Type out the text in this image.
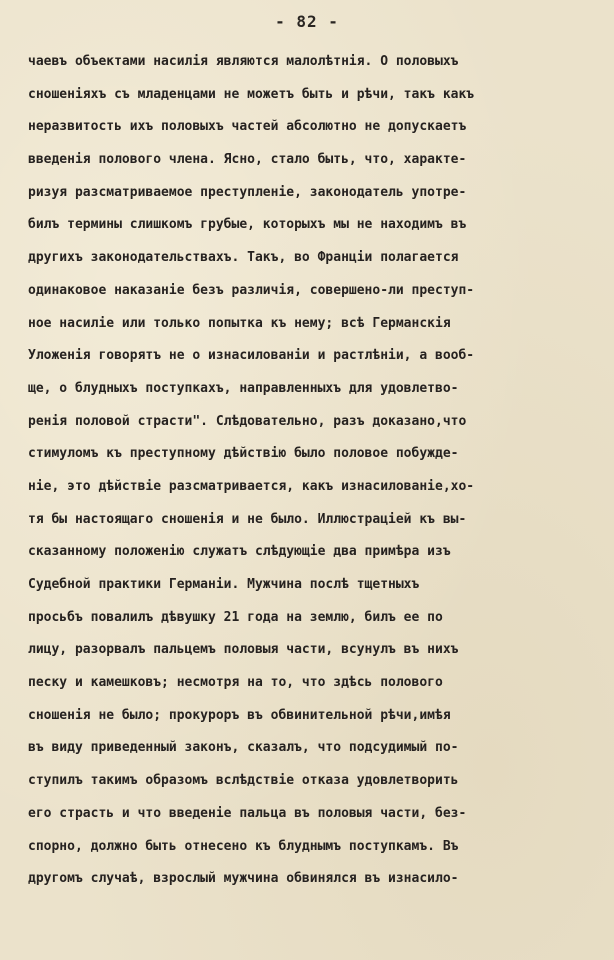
- 82 -
чаевъ объектами насилія являются малолѣтнія. О половыхъ
сношеніяхъ съ младенцами не можетъ быть и рѣчи, такъ какъ
неразвитость ихъ половыхъ частей абсолютно не допускаетъ
введенія полового члена. Ясно, стало быть, что, характе-
ризуя разсматриваемое преступленіе, законодатель употре-
билъ термины слишкомъ грубые, которыхъ мы не находимъ въ
другихъ законодательствахъ. Такъ, во Франціи полагается
одинаковое наказаніе безъ различія, совершено-ли преступ-
ное насиліе или только попытка къ нему; всѣ Германскія
Уложенія говорятъ не о изнасилованіи и растлѣніи, а вооб-
ще, о блудныхъ поступкахъ, направленныхъ для удовлетво-
ренія половой страсти". Слѣдовательно, разъ доказано,что
стимуломъ къ преступному дѣйствію было половое побужде-
ніе, это дѣйствіе разсматривается, какъ изнасилованіе,хо-
тя бы настоящаго сношенія и не было. Иллюстраціей къ вы-
сказанному положенію служатъ слѣдующіе два примѣра изъ
Судебной практики Германіи. Мужчина послѣ тщетныхъ
просьбъ повалилъ дѣвушку 21 года на землю, билъ ее по
лицу, разорвалъ пальцемъ половыя части, всунулъ въ нихъ
песку и камешковъ; несмотря на то, что здѣсь полового
сношенія не было; прокуроръ въ обвинительной рѣчи,имѣя
въ виду приведенный законъ, сказалъ, что подсудимый по-
ступилъ такимъ образомъ вслѣдствіе отказа удовлетворить
его страсть и что введеніе пальца въ половыя части, без-
спорно, должно быть отнесено къ блуднымъ поступкамъ. Въ
другомъ случаѣ, взрослый мужчина обвинялся въ изнасило-
